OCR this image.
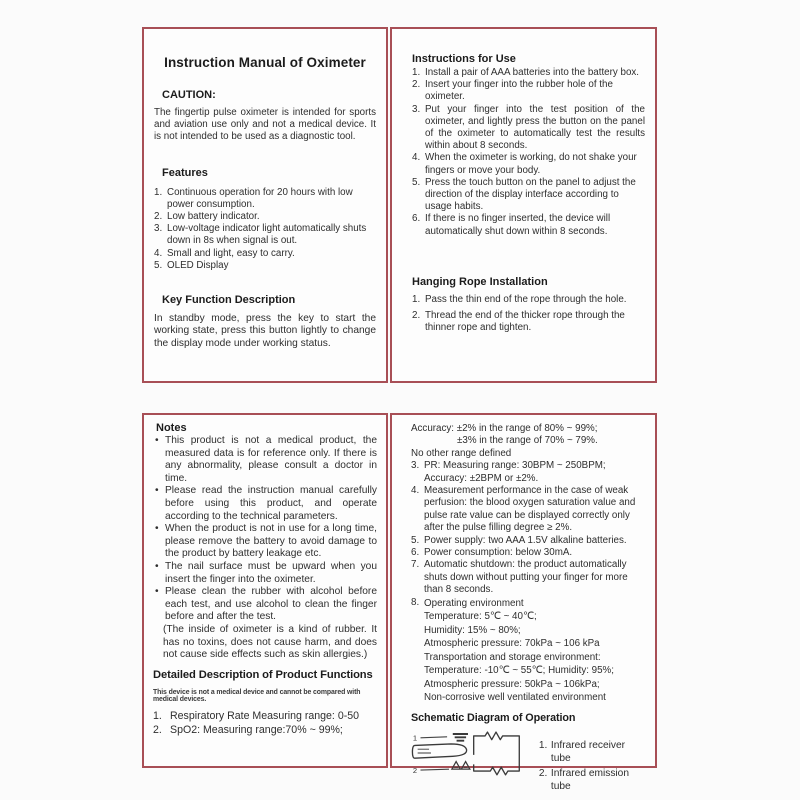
Instruction Manual of Oximeter
CAUTION:
The fingertip pulse oximeter is intended for sports and aviation use only and not a medical device. It is not intended to be used as a diagnostic tool.
Features
1. Continuous operation for 20 hours with low power consumption.
2. Low battery indicator.
3. Low-voltage indicator light automatically shuts down in 8s when signal is out.
4. Small and light, easy to carry.
5. OLED Display
Key Function Description
In standby mode, press the key to start the working state, press this button lightly to change the display mode under working status.
Instructions for Use
1. Install a pair of AAA batteries into the battery box.
2. Insert your finger into the rubber hole of the oximeter.
3. Put your finger into the test position of the oximeter, and lightly press the button on the panel of the oximeter to automatically test the results within about 8 seconds.
4. When the oximeter is working, do not shake your fingers or move your body.
5. Press the touch button on the panel to adjust the direction of the display interface according to usage habits.
6. If there is no finger inserted, the device will automatically shut down within 8 seconds.
Hanging Rope Installation
1. Pass the thin end of the rope through the hole.
2. Thread the end of the thicker rope through the thinner rope and tighten.
Notes
• This product is not a medical product, the measured data is for reference only. If there is any abnormality, please consult a doctor in time.
• Please read the instruction manual carefully before using this product, and operate according to the technical parameters.
• When the product is not in use for a long time, please remove the battery to avoid damage to the product by battery leakage etc.
• The nail surface must be upward when you insert the finger into the oximeter.
• Please clean the rubber with alcohol before each test, and use alcohol to clean the finger before and after the test.
(The inside of oximeter is a kind of rubber. It has no toxins, does not cause harm, and does not cause side effects such as skin allergies.)
Detailed Description of Product Functions
This device is not a medical device and cannot be compared with medical devices.
1. Respiratory Rate Measuring range: 0-50
2. SpO2: Measuring range:70% ~ 99%;
Accuracy: ±2% in the range of 80% ~ 99%;
±3% in the range of 70% ~ 79%.
No other range defined
3. PR: Measuring range: 30BPM ~ 250BPM;
Accuracy: ±2BPM or ±2%.
4. Measurement performance in the case of weak perfusion: the blood oxygen saturation value and pulse rate value can be displayed correctly only after the pulse filling degree ≥ 2%.
5. Power supply: two AAA 1.5V alkaline batteries.
6. Power consumption: below 30mA.
7. Automatic shutdown: the product automatically shuts down without putting your finger for more than 8 seconds.
8. Operating environment
Temperature: 5℃ ~ 40℃;
Humidity: 15% ~ 80%;
Atmospheric pressure: 70kPa ~ 106 kPa
Transportation and storage environment:
Temperature: -10℃ ~ 55℃; Humidity: 95%;
Atmospheric pressure: 50kPa ~ 106kPa;
Non-corrosive well ventilated environment
Schematic Diagram of Operation
1
2
1. Infrared receiver tube
2. Infrared emission tube
